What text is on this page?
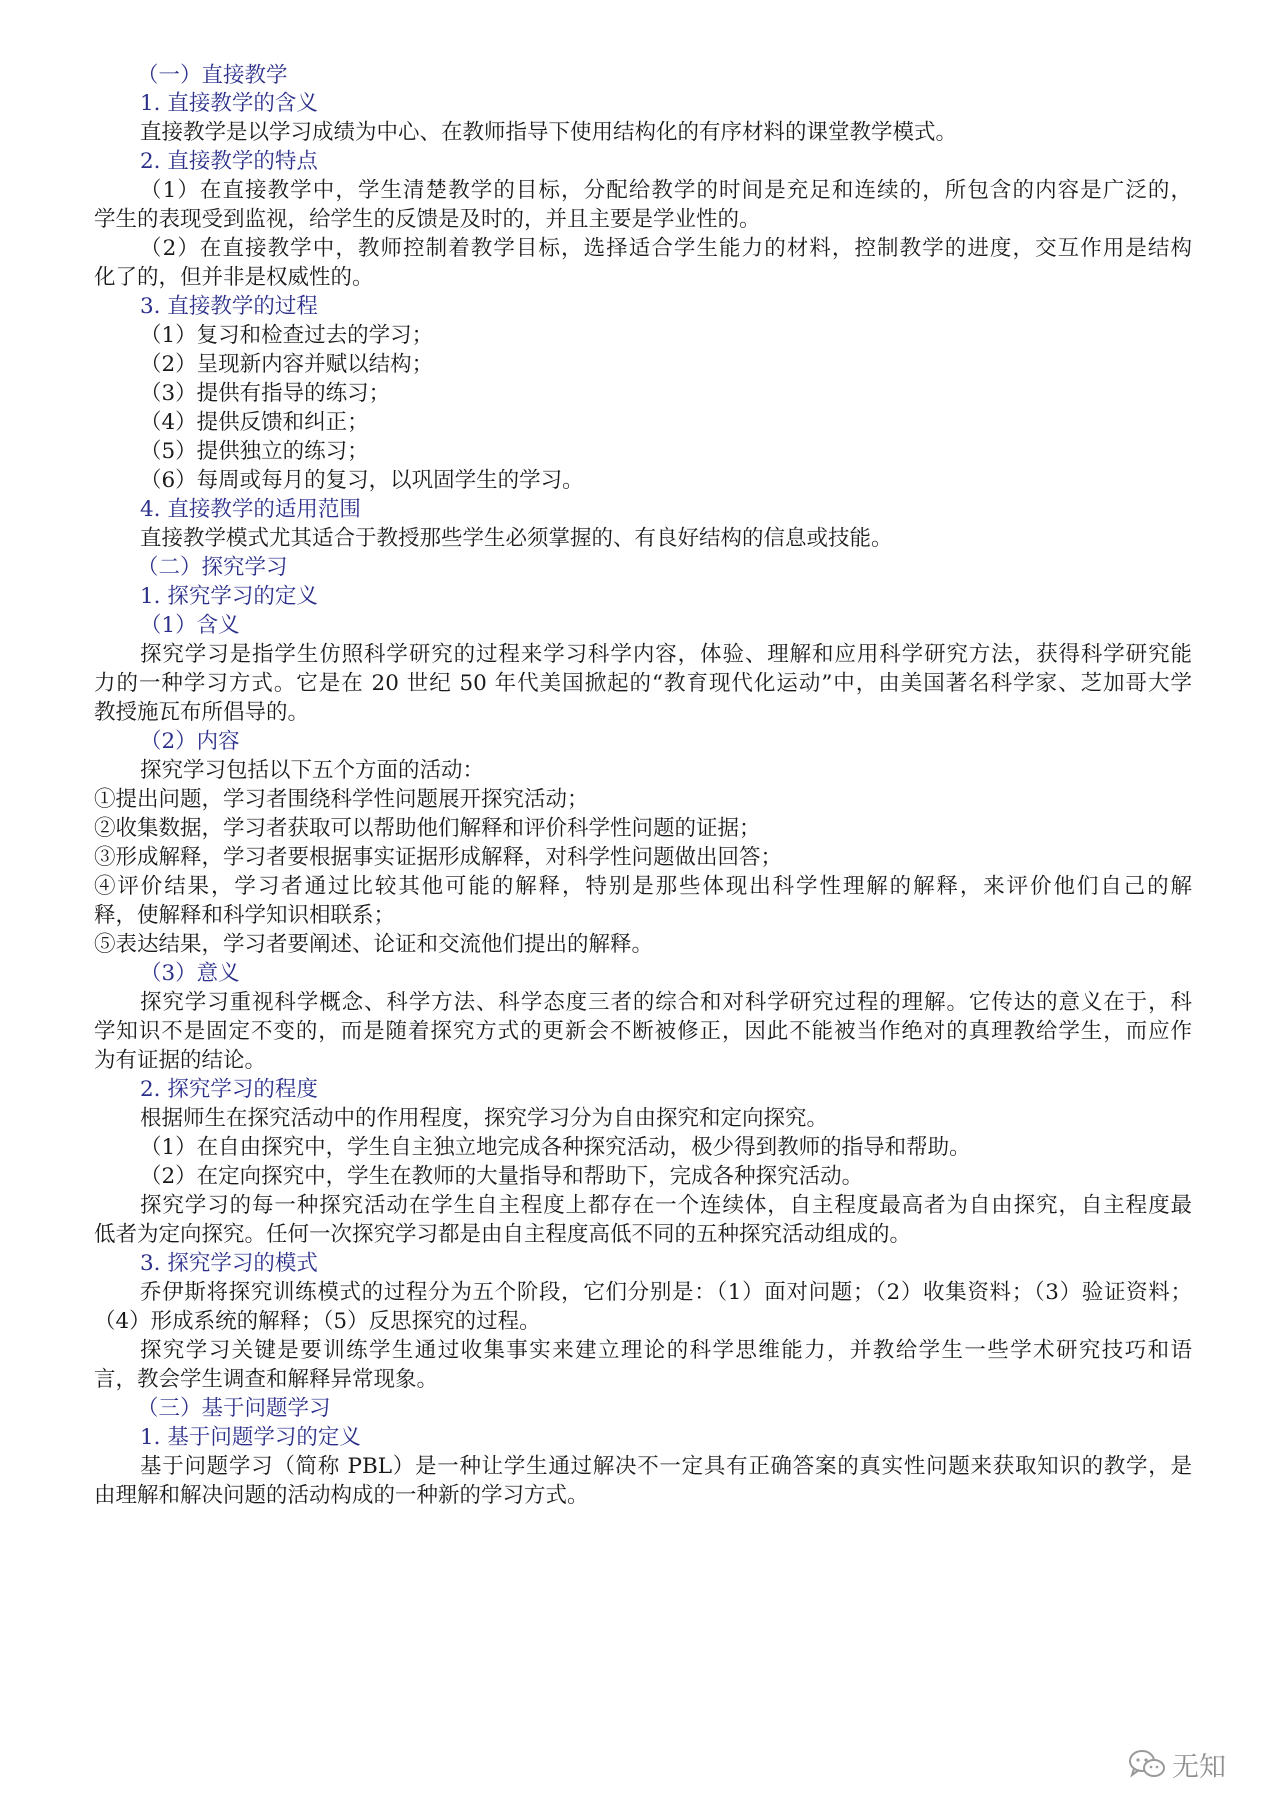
（一）直接教学
1. 直接教学的含义
直接教学是以学习成绩为中心、在教师指导下使用结构化的有序材料的课堂教学模式。
2. 直接教学的特点
（1）在直接教学中，学生清楚教学的目标，分配给教学的时间是充足和连续的，所包含的内容是广泛的，
学生的表现受到监视，给学生的反馈是及时的，并且主要是学业性的。
（2）在直接教学中，教师控制着教学目标，选择适合学生能力的材料，控制教学的进度，交互作用是结构
化了的，但并非是权威性的。
3. 直接教学的过程
（1）复习和检查过去的学习；
（2）呈现新内容并赋以结构；
（3）提供有指导的练习；
（4）提供反馈和纠正；
（5）提供独立的练习；
（6）每周或每月的复习，以巩固学生的学习。
4. 直接教学的适用范围
直接教学模式尤其适合于教授那些学生必须掌握的、有良好结构的信息或技能。
（二）探究学习
1. 探究学习的定义
（1）含义
探究学习是指学生仿照科学研究的过程来学习科学内容，体验、理解和应用科学研究方法，获得科学研究能
力的一种学习方式。它是在 20 世纪 50 年代美国掀起的“教育现代化运动”中，由美国著名科学家、芝加哥大学
教授施瓦布所倡导的。
（2）内容
探究学习包括以下五个方面的活动：
①提出问题，学习者围绕科学性问题展开探究活动；
②收集数据，学习者获取可以帮助他们解释和评价科学性问题的证据；
③形成解释，学习者要根据事实证据形成解释，对科学性问题做出回答；
④评价结果，学习者通过比较其他可能的解释，特别是那些体现出科学性理解的解释，来评价他们自己的解
释，使解释和科学知识相联系；
⑤表达结果，学习者要阐述、论证和交流他们提出的解释。
（3）意义
探究学习重视科学概念、科学方法、科学态度三者的综合和对科学研究过程的理解。它传达的意义在于，科
学知识不是固定不变的，而是随着探究方式的更新会不断被修正，因此不能被当作绝对的真理教给学生，而应作
为有证据的结论。
2. 探究学习的程度
根据师生在探究活动中的作用程度，探究学习分为自由探究和定向探究。
（1）在自由探究中，学生自主独立地完成各种探究活动，极少得到教师的指导和帮助。
（2）在定向探究中，学生在教师的大量指导和帮助下，完成各种探究活动。
探究学习的每一种探究活动在学生自主程度上都存在一个连续体，自主程度最高者为自由探究，自主程度最
低者为定向探究。任何一次探究学习都是由自主程度高低不同的五种探究活动组成的。
3. 探究学习的模式
乔伊斯将探究训练模式的过程分为五个阶段，它们分别是：（1）面对问题；（2）收集资料；（3）验证资料；
（4）形成系统的解释；（5）反思探究的过程。
探究学习关键是要训练学生通过收集事实来建立理论的科学思维能力，并教给学生一些学术研究技巧和语
言，教会学生调查和解释异常现象。
（三）基于问题学习
1. 基于问题学习的定义
基于问题学习（简称 PBL）是一种让学生通过解决不一定具有正确答案的真实性问题来获取知识的教学，是
由理解和解决问题的活动构成的一种新的学习方式。
无知
